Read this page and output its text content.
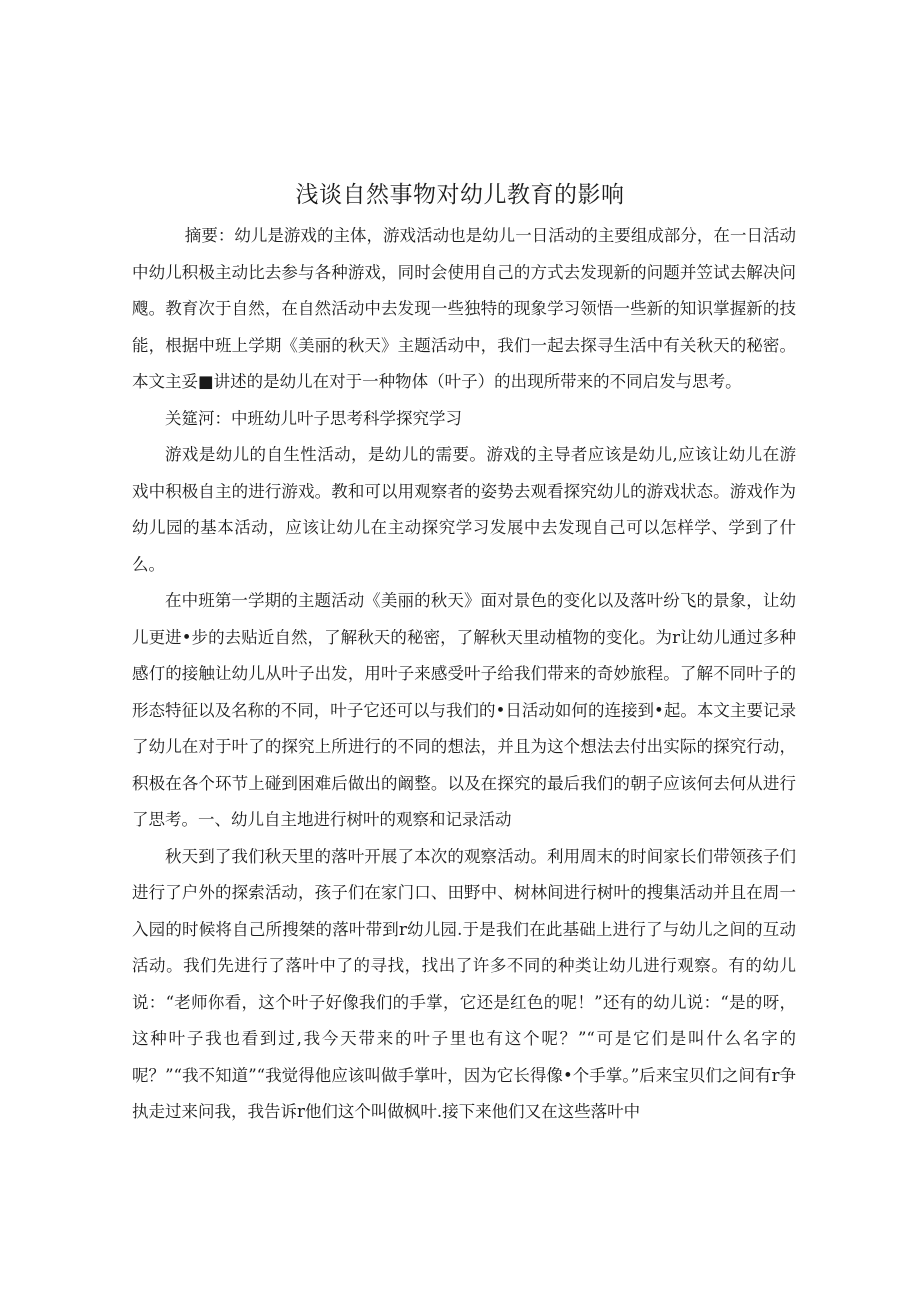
浅谈自然事物对幼儿教育的影响

摘要：幼儿是游戏的主体，游戏活动也是幼儿一日活动的主要组成部分，在一日活动中幼儿积极主动比去参与各种游戏，同时会使用自己的方式去发现新的问题并笠试去解决问飕。教育次于自然，在自然活动中去发现一些独特的现象学习领悟一些新的知识掌握新的技能，根据中班上学期《美丽的秋天》主题活动中，我们一起去探寻生活中有关秋天的秘密。本文主妥■讲述的是幼儿在对于一种物体（叶子）的出现所带来的不同启发与思考。

关筵河：中班幼儿叶子思考科学探究学习

游戏是幼儿的自生性活动，是幼儿的需要。游戏的主导者应该是幼儿,应该让幼儿在游戏中积极自主的进行游戏。教和可以用观察者的姿势去观看探究幼儿的游戏状态。游戏作为幼儿园的基本活动，应该让幼儿在主动探究学习发展中去发现自己可以怎样学、学到了什么。

在中班第一学期的主题活动《美丽的秋天》面对景色的变化以及落叶纷飞的景象，让幼儿更进•步的去贴近自然，了解秋天的秘密，了解秋天里动植物的变化。为r让幼儿通过多种感仃的接触让幼儿从叶子出发，用叶子来感受叶子给我们带来的奇妙旅程。了解不同叶子的形态特征以及名称的不同，叶子它还可以与我们的•日活动如何的连接到•起。本文主要记录了幼儿在对于叶了的探究上所进行的不同的想法，并且为这个想法去付出实际的探究行动，积极在各个环节上碰到困难后做出的阚整。以及在探究的最后我们的朝子应该何去何从进行了思考。一、幼儿自主地进行树叶的观察和记录活动

秋天到了我们秋天里的落叶开展了本次的观察活动。利用周末的时间家长们带领孩子们进行了户外的探索活动，孩子们在家门口、田野中、树林间进行树叶的搜集活动并且在周一入园的时候将自己所搜桀的落叶带到r幼儿园.于是我们在此基础上进行了与幼儿之间的互动活动。我们先进行了落叶中了的寻找，找出了许多不同的种类让幼儿进行观察。有的幼儿说：“老师你看，这个叶子好像我们的手掌，它还是红色的呢！”还有的幼儿说：“是的呀，这种叶子我也看到过,我今天带来的叶子里也有这个呢？”“可是它们是叫什么名字的呢？”“我不知道”“我觉得他应该叫做手掌叶，因为它长得像•个手掌。”后来宝贝们之间有r争执走过来问我，我告诉r他们这个叫做枫叶.接下来他们又在这些落叶中
